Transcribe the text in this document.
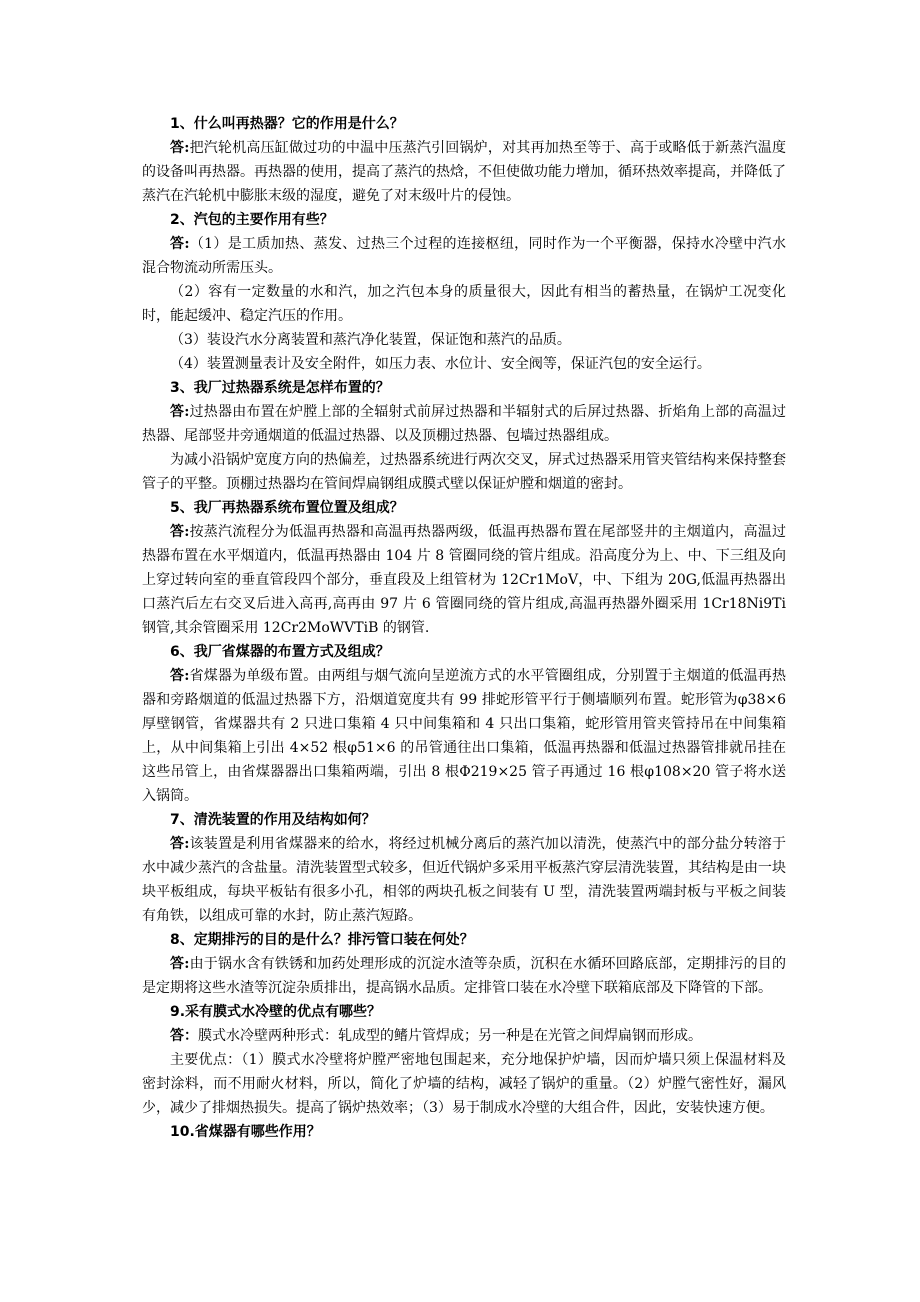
1、什么叫再热器？它的作用是什么？

答:把汽轮机高压缸做过功的中温中压蒸汽引回锅炉，对其再加热至等于、高于或略低于新蒸汽温度的设备叫再热器。再热器的使用，提高了蒸汽的热焓，不但使做功能力增加，循环热效率提高，并降低了蒸汽在汽轮机中膨胀末级的湿度，避免了对末级叶片的侵蚀。

2、汽包的主要作用有些？

答:（1）是工质加热、蒸发、过热三个过程的连接枢纽，同时作为一个平衡器，保持水冷壁中汽水混合物流动所需压头。

（2）容有一定数量的水和汽，加之汽包本身的质量很大，因此有相当的蓄热量，在锅炉工况变化时，能起缓冲、稳定汽压的作用。

（3）装设汽水分离装置和蒸汽净化装置，保证饱和蒸汽的品质。

（4）装置测量表计及安全附件，如压力表、水位计、安全阀等，保证汽包的安全运行。

3、我厂过热器系统是怎样布置的？

答:过热器由布置在炉膛上部的全辐射式前屏过热器和半辐射式的后屏过热器、折焰角上部的高温过热器、尾部竖井旁通烟道的低温过热器、以及顶棚过热器、包墙过热器组成。

为减小沿锅炉宽度方向的热偏差，过热器系统进行两次交叉，屏式过热器采用管夹管结构来保持整套管子的平整。顶棚过热器均在管间焊扁钢组成膜式壁以保证炉膛和烟道的密封。

5、我厂再热器系统布置位置及组成？

答:按蒸汽流程分为低温再热器和高温再热器两级，低温再热器布置在尾部竖井的主烟道内，高温过热器布置在水平烟道内，低温再热器由 104 片 8 管圈同绕的管片组成。沿高度分为上、中、下三组及向上穿过转向室的垂直管段四个部分，垂直段及上组管材为 12Cr1MoV，中、下组为 20G,低温再热器出口蒸汽后左右交叉后进入高再,高再由 97 片 6 管圈同绕的管片组成,高温再热器外圈采用 1Cr18Ni9Ti 钢管,其余管圈采用 12Cr2MoWVTiB 的钢管.

6、我厂省煤器的布置方式及组成？

答:省煤器为单级布置。由两组与烟气流向呈逆流方式的水平管圈组成，分别置于主烟道的低温再热器和旁路烟道的低温过热器下方，沿烟道宽度共有 99 排蛇形管平行于侧墙顺列布置。蛇形管为φ38×6 厚壁钢管，省煤器共有 2 只进口集箱 4 只中间集箱和 4 只出口集箱，蛇形管用管夹管持吊在中间集箱上，从中间集箱上引出 4×52 根φ51×6 的吊管通往出口集箱，低温再热器和低温过热器管排就吊挂在这些吊管上，由省煤器器出口集箱两端，引出 8 根Φ219×25 管子再通过 16 根φ108×20 管子将水送入锅筒。

7、清洗装置的作用及结构如何？

答:该装置是利用省煤器来的给水，将经过机械分离后的蒸汽加以清洗，使蒸汽中的部分盐分转溶于水中减少蒸汽的含盐量。清洗装置型式较多，但近代锅炉多采用平板蒸汽穿层清洗装置，其结构是由一块块平板组成，每块平板钻有很多小孔，相邻的两块孔板之间装有 U 型，清洗装置两端封板与平板之间装有角铁，以组成可靠的水封，防止蒸汽短路。

8、定期排污的目的是什么？排污管口装在何处？

答:由于锅水含有铁锈和加药处理形成的沉淀水渣等杂质，沉积在水循环回路底部，定期排污的目的是定期将这些水渣等沉淀杂质排出，提高锅水品质。定排管口装在水冷壁下联箱底部及下降管的下部。

9.采有膜式水冷壁的优点有哪些？

答：膜式水冷壁两种形式：轧成型的鳍片管焊成；另一种是在光管之间焊扁钢而形成。

主要优点：（1）膜式水冷壁将炉膛严密地包围起来，充分地保护炉墙，因而炉墙只须上保温材料及密封涂料，而不用耐火材料，所以，简化了炉墙的结构，减轻了锅炉的重量。（2）炉膛气密性好，漏风少，减少了排烟热损失。提高了锅炉热效率；（3）易于制成水冷壁的大组合件，因此，安装快速方便。

10.省煤器有哪些作用？
